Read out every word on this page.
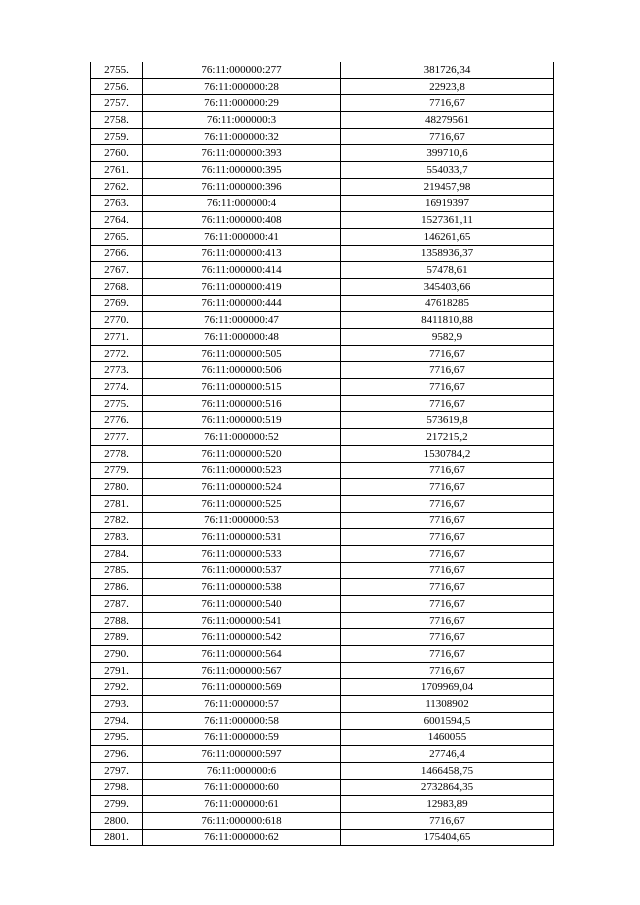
2755.	76:11:000000:277	381726,34
2756.	76:11:000000:28	22923,8
2757.	76:11:000000:29	7716,67
2758.	76:11:000000:3	48279561
2759.	76:11:000000:32	7716,67
2760.	76:11:000000:393	399710,6
2761.	76:11:000000:395	554033,7
2762.	76:11:000000:396	219457,98
2763.	76:11:000000:4	16919397
2764.	76:11:000000:408	1527361,11
2765.	76:11:000000:41	146261,65
2766.	76:11:000000:413	1358936,37
2767.	76:11:000000:414	57478,61
2768.	76:11:000000:419	345403,66
2769.	76:11:000000:444	47618285
2770.	76:11:000000:47	8411810,88
2771.	76:11:000000:48	9582,9
2772.	76:11:000000:505	7716,67
2773.	76:11:000000:506	7716,67
2774.	76:11:000000:515	7716,67
2775.	76:11:000000:516	7716,67
2776.	76:11:000000:519	573619,8
2777.	76:11:000000:52	217215,2
2778.	76:11:000000:520	1530784,2
2779.	76:11:000000:523	7716,67
2780.	76:11:000000:524	7716,67
2781.	76:11:000000:525	7716,67
2782.	76:11:000000:53	7716,67
2783.	76:11:000000:531	7716,67
2784.	76:11:000000:533	7716,67
2785.	76:11:000000:537	7716,67
2786.	76:11:000000:538	7716,67
2787.	76:11:000000:540	7716,67
2788.	76:11:000000:541	7716,67
2789.	76:11:000000:542	7716,67
2790.	76:11:000000:564	7716,67
2791.	76:11:000000:567	7716,67
2792.	76:11:000000:569	1709969,04
2793.	76:11:000000:57	11308902
2794.	76:11:000000:58	6001594,5
2795.	76:11:000000:59	1460055
2796.	76:11:000000:597	27746,4
2797.	76:11:000000:6	1466458,75
2798.	76:11:000000:60	2732864,35
2799.	76:11:000000:61	12983,89
2800.	76:11:000000:618	7716,67
2801.	76:11:000000:62	175404,65
